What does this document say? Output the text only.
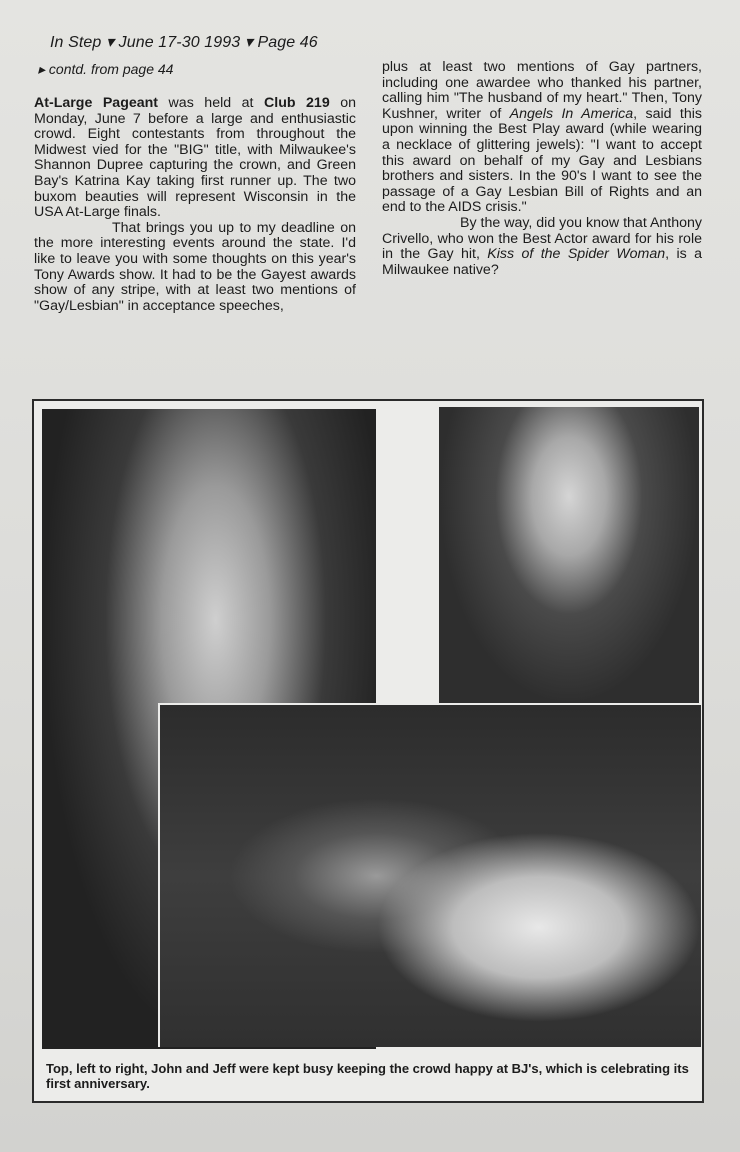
In Step ▾ June 17-30 1993 ▾ Page 46
▸ contd. from page 44

At-Large Pageant was held at Club 219 on Monday, June 7 before a large and enthusiastic crowd. Eight contestants from throughout the Midwest vied for the "BIG" title, with Milwaukee's Shannon Dupree capturing the crown, and Green Bay's Katrina Kay taking first runner up. The two buxom beauties will represent Wisconsin in the USA At-Large finals.

That brings you up to my deadline on the more interesting events around the state. I'd like to leave you with some thoughts on this year's Tony Awards show. It had to be the Gayest awards show of any stripe, with at least two mentions of "Gay/Lesbian" in acceptance speeches,

plus at least two mentions of Gay partners, including one awardee who thanked his partner, calling him "The husband of my heart." Then, Tony Kushner, writer of Angels In America, said this upon winning the Best Play award (while wearing a necklace of glittering jewels): "I want to accept this award on behalf of my Gay and Lesbians brothers and sisters. In the 90's I want to see the passage of a Gay Lesbian Bill of Rights and an end to the AIDS crisis."

By the way, did you know that Anthony Crivello, who won the Best Actor award for his role in the Gay hit, Kiss of the Spider Woman, is a Milwaukee native?

Top, left to right, John and Jeff were kept busy keeping the crowd happy at BJ's, which is celebrating its first anniversary.
